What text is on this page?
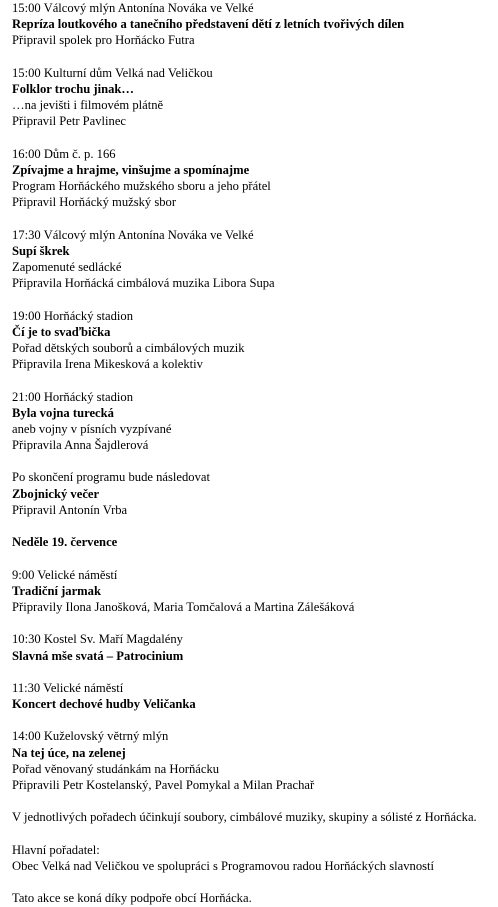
15:00 Válcový mlýn Antonína Nováka ve Velké
Repríza loutkového a tanečního představení dětí z letních tvořivých dílen
Připravil spolek pro Horňácko Futra
15:00 Kulturní dům Velká nad Veličkou
Folklor trochu jinak…
…na jevišti i filmovém plátně
Připravil Petr Pavlinec
16:00 Dům č. p. 166
Zpívajme a hrajme, vinšujme a spomínajme
Program Horňáckého mužského sboru a jeho přátel
Připravil Horňácký mužský sbor
17:30 Válcový mlýn Antonína Nováka ve Velké
Supí škrek
Zapomenuté sedlácké
Připravila Horňácká cimbálová muzika Libora Supa
19:00 Horňácký stadion
Čí je to svaďbička
Pořad dětských souborů a cimbálových muzik
Připravila Irena Mikesková a kolektiv
21:00 Horňácký stadion
Byla vojna turecká
aneb vojny v písních vyzpívané
Připravila Anna Šajdlerová
Po skončení programu bude následovat
Zbojnický večer
Připravil Antonín Vrba
Neděle 19. července
9:00 Velické náměstí
Tradiční jarmak
Připravily Ilona Janošková, Maria Tomčalová a Martina Zálešáková
10:30 Kostel Sv. Maří Magdalény
Slavná mše svatá – Patrocinium
11:30 Velické náměstí
Koncert dechové hudby Veličanka
14:00 Kuželovský větrný mlýn
Na tej úce, na zelenej
Pořad věnovaný studánkám na Horňácku
Připravili Petr Kostelanský, Pavel Pomykal a Milan Prachař
V jednotlivých pořadech účinkují soubory, cimbálové muziky, skupiny a sólisté z Horňácka.
Hlavní pořadatel:
Obec Velká nad Veličkou ve spolupráci s Programovou radou Horňáckých slavností
Tato akce se koná díky podpoře obcí Horňácka.
